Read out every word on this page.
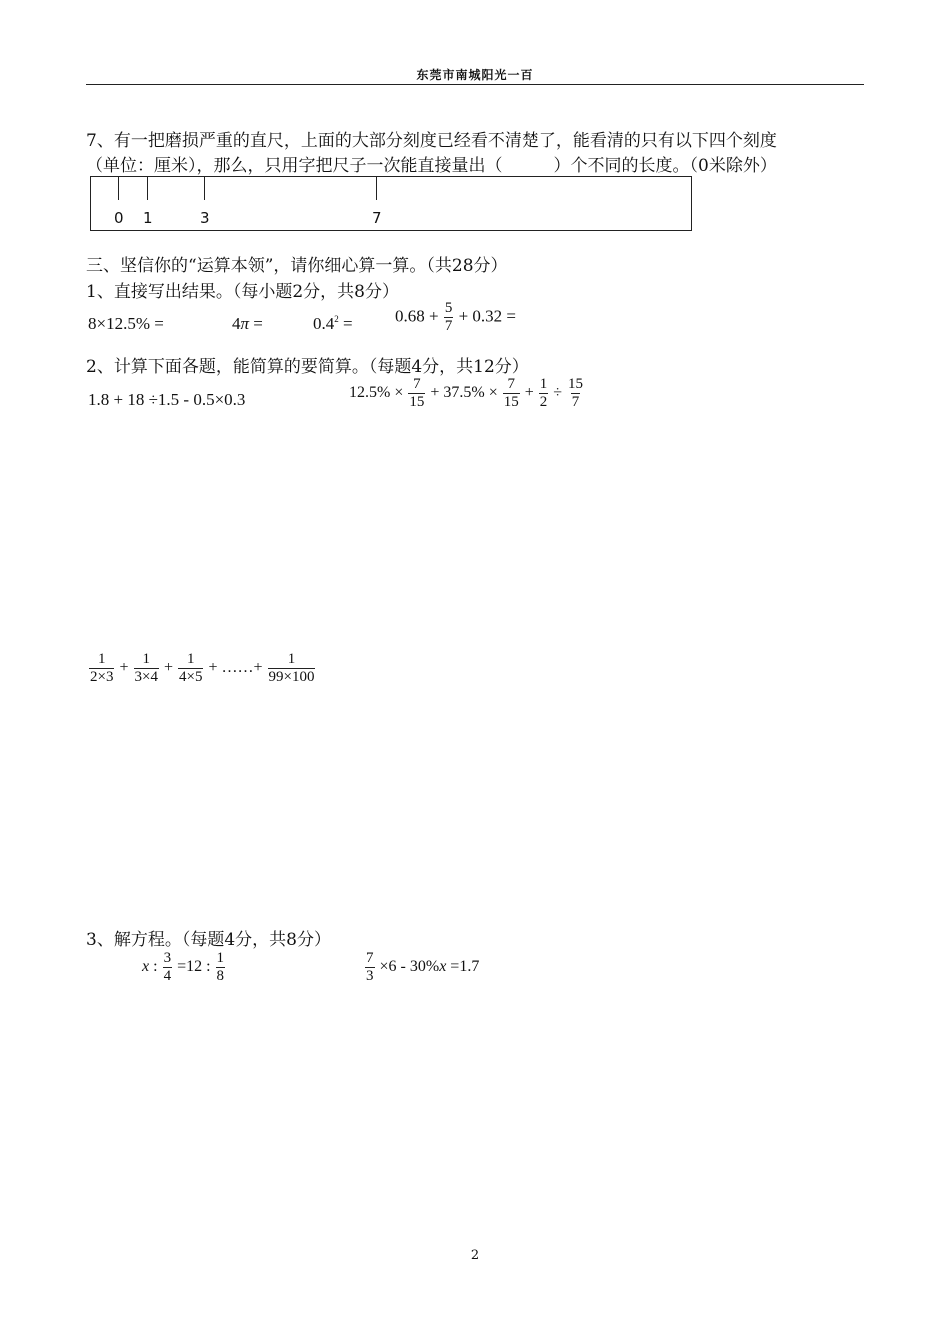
东莞市南城阳光一百
7、有一把磨损严重的直尺，上面的大部分刻度已经看不清楚了，能看清的只有以下四个刻度
（单位：厘米），那么，只用字把尺子一次能直接量出（　　　）个不同的长度。（0米除外）
0 1	3	7
三、坚信你的“运算本领”，请你细心算一算。（共28分）
1、直接写出结果。（每小题2分，共8分）
8×12.5% =	4π =	$0.4^2 = 0.68 + \frac{5}{7} + 0.32$ =
2、计算下面各题，能简算的要简算。（每题4分，共12分）
1.8 + 18 ÷1.5 - 0.5×0.3	$12.5\% \times \frac{7}{15} + 37.5\% \times \frac{7}{15} + \frac{1}{2} \div \frac{15}{7}$
$\frac{1}{2\times 3} + \frac{1}{3\times 4} + \frac{1}{4\times 5}$ + ……+ $\frac{1}{99\times 100}$
3、解方程。（每题4分，共8分）
x : $\frac{3}{4} =12$ : $\frac{1}{8}$	$\frac{7}{3} \times 6 - 30\%x =1.7$
2
